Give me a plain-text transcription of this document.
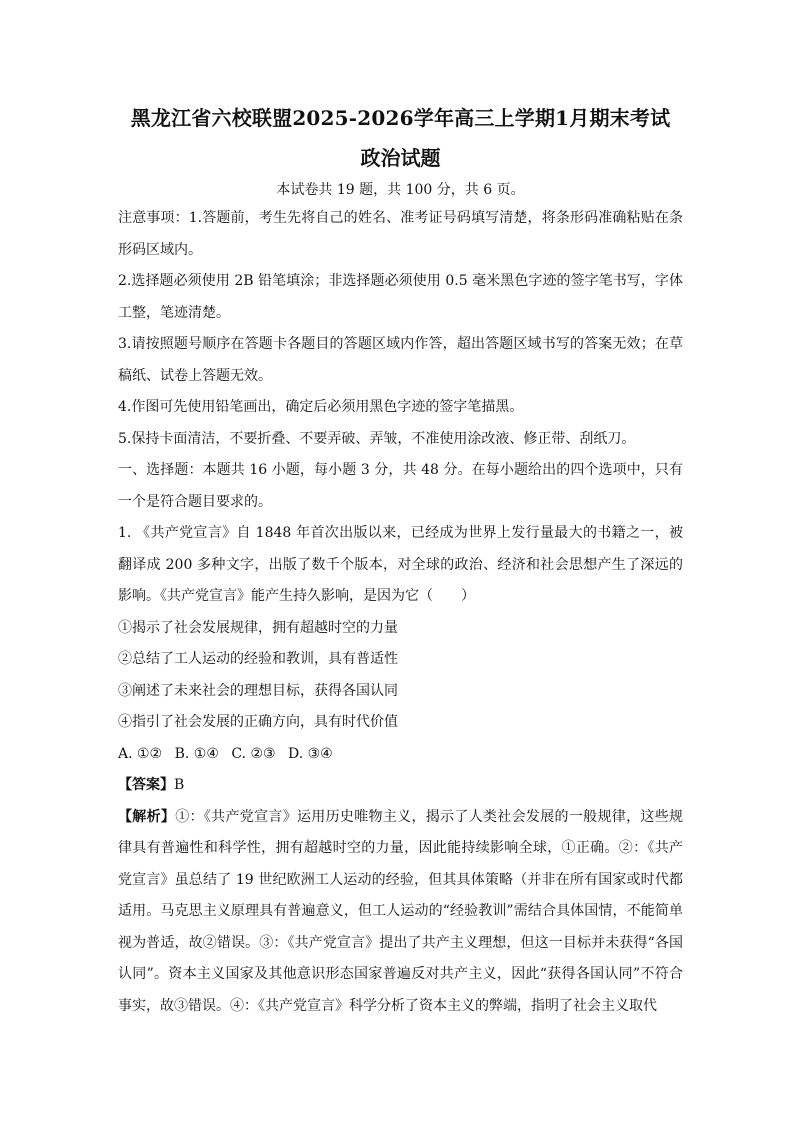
黑龙江省六校联盟2025-2026学年高三上学期1月期末考试
政治试题
本试卷共 19 题，共 100 分，共 6 页。

注意事项：1.答题前，考生先将自己的姓名、准考证号码填写清楚，将条形码准确粘贴在条形码区域内。

2.选择题必须使用 2B 铅笔填涂；非选择题必须使用 0.5 毫米黑色字迹的签字笔书写，字体工整，笔迹清楚。

3.请按照题号顺序在答题卡各题目的答题区域内作答，超出答题区域书写的答案无效；在草稿纸、试卷上答题无效。

4.作图可先使用铅笔画出，确定后必须用黑色字迹的签字笔描黑。

5.保持卡面清洁，不要折叠、不要弄破、弄皱，不准使用涂改液、修正带、刮纸刀。

一、选择题：本题共 16 小题，每小题 3 分，共 48 分。在每小题给出的四个选项中，只有一个是符合题目要求的。

1. 《共产党宣言》自 1848 年首次出版以来，已经成为世界上发行量最大的书籍之一，被翻译成 200 多种文字，出版了数千个版本，对全球的政治、经济和社会思想产生了深远的影响。《共产党宣言》能产生持久影响，是因为它（　　）

①揭示了社会发展规律，拥有超越时空的力量

②总结了工人运动的经验和教训，具有普适性

③阐述了未来社会的理想目标，获得各国认同

④指引了社会发展的正确方向，具有时代价值

A. ①② B. ①④ C. ②③ D. ③④

【答案】B

【解析】①：《共产党宣言》运用历史唯物主义，揭示了人类社会发展的一般规律，这些规律具有普遍性和科学性，拥有超越时空的力量，因此能持续影响全球，①正确。②：《共产党宣言》虽总结了 19 世纪欧洲工人运动的经验，但其具体策略（并非在所有国家或时代都适用。马克思主义原理具有普遍意义，但工人运动的“经验教训”需结合具体国情，不能简单视为普适，故②错误。③：《共产党宣言》提出了共产主义理想，但这一目标并未获得“各国认同”。资本主义国家及其他意识形态国家普遍反对共产主义，因此“获得各国认同”不符合事实，故③错误。④：《共产党宣言》科学分析了资本主义的弊端，指明了社会主义取代
